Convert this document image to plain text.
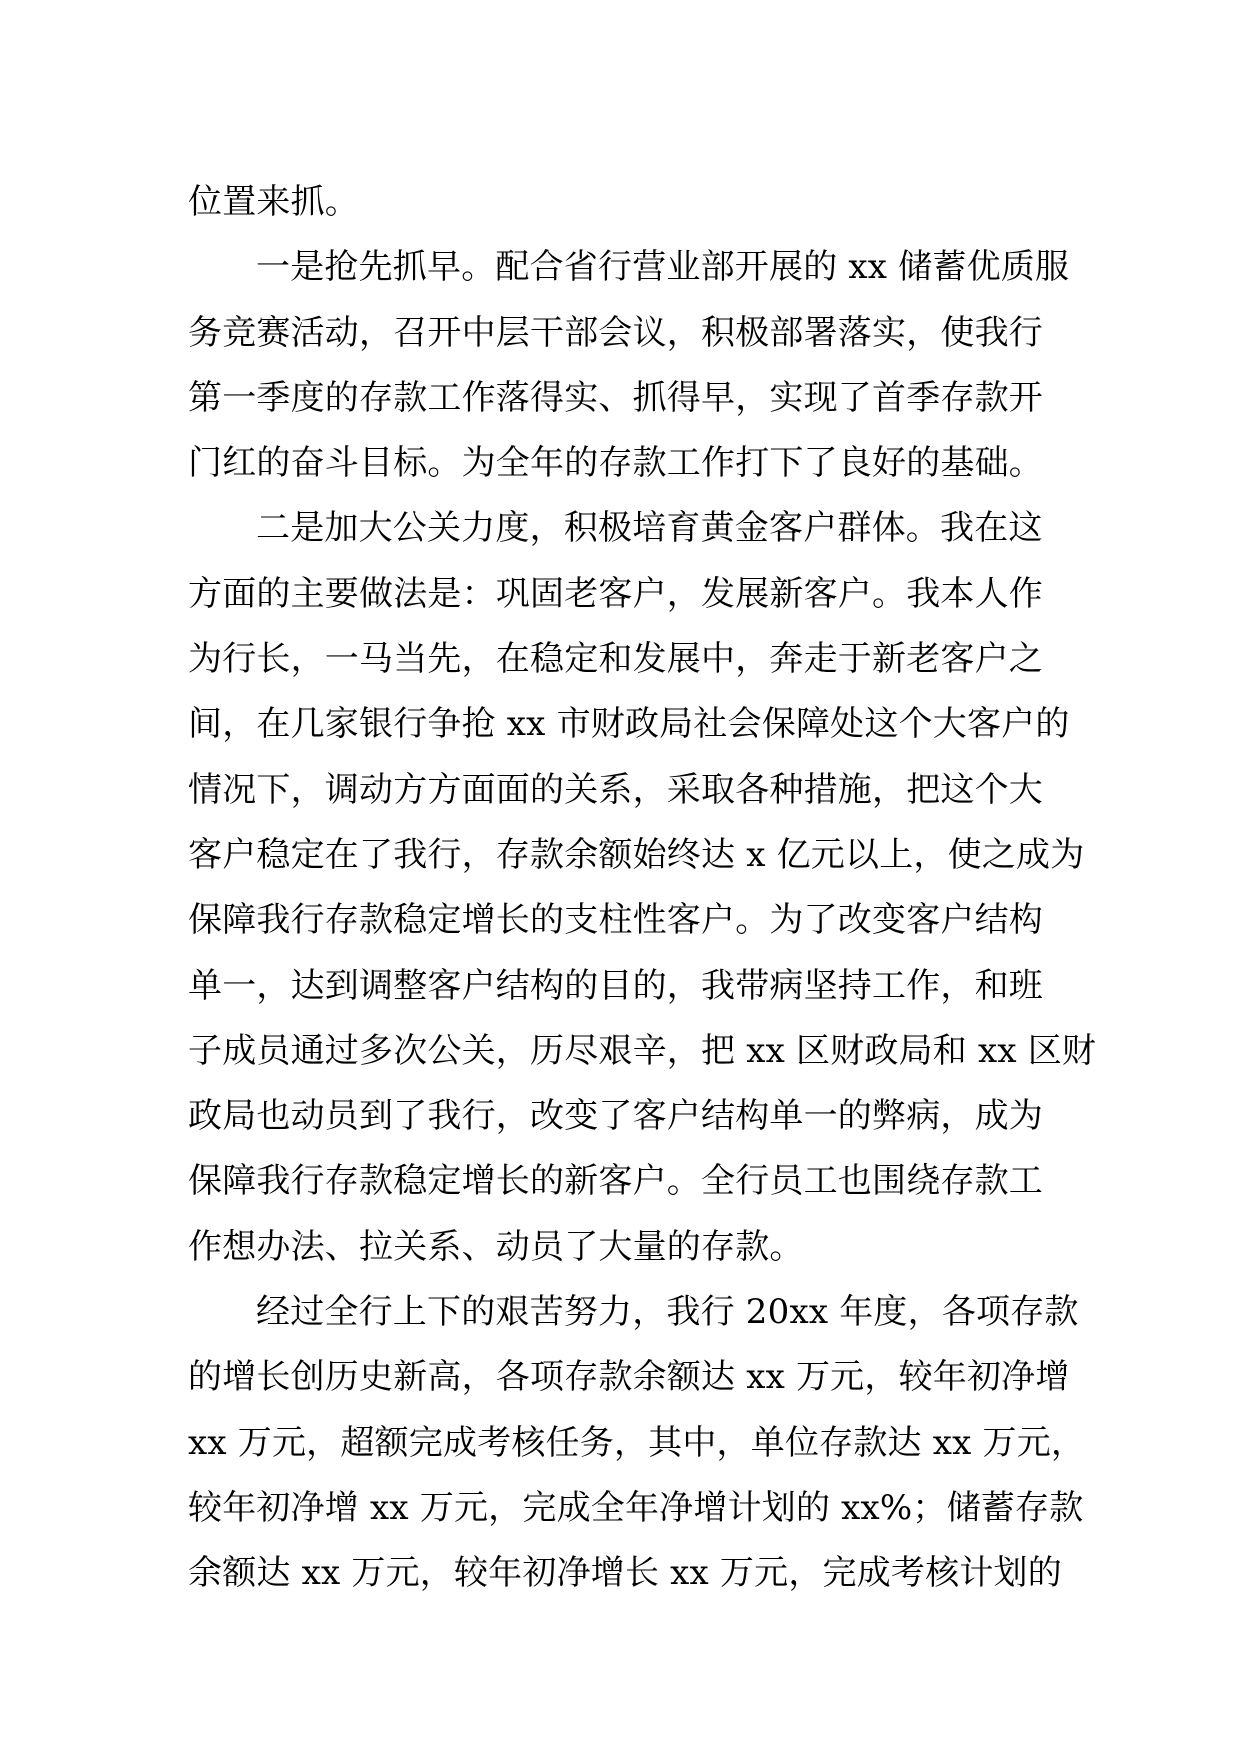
位置来抓。
一是抢先抓早。配合省行营业部开展的 xx 储蓄优质服
务竞赛活动，召开中层干部会议，积极部署落实，使我行
第一季度的存款工作落得实、抓得早，实现了首季存款开
门红的奋斗目标。为全年的存款工作打下了良好的基础。
二是加大公关力度，积极培育黄金客户群体。我在这
方面的主要做法是：巩固老客户，发展新客户。我本人作
为行长，一马当先，在稳定和发展中，奔走于新老客户之
间，在几家银行争抢 xx 市财政局社会保障处这个大客户的
情况下，调动方方面面的关系，采取各种措施，把这个大
客户稳定在了我行，存款余额始终达 x 亿元以上，使之成为
保障我行存款稳定增长的支柱性客户。为了改变客户结构
单一，达到调整客户结构的目的，我带病坚持工作，和班
子成员通过多次公关，历尽艰辛，把 xx 区财政局和 xx 区财
政局也动员到了我行，改变了客户结构单一的弊病，成为
保障我行存款稳定增长的新客户。全行员工也围绕存款工
作想办法、拉关系、动员了大量的存款。
经过全行上下的艰苦努力，我行 20xx 年度，各项存款
的增长创历史新高，各项存款余额达 xx 万元，较年初净增
xx 万元，超额完成考核任务，其中，单位存款达 xx 万元，
较年初净增 xx 万元，完成全年净增计划的 xx%；储蓄存款
余额达 xx 万元，较年初净增长 xx 万元，完成考核计划的
